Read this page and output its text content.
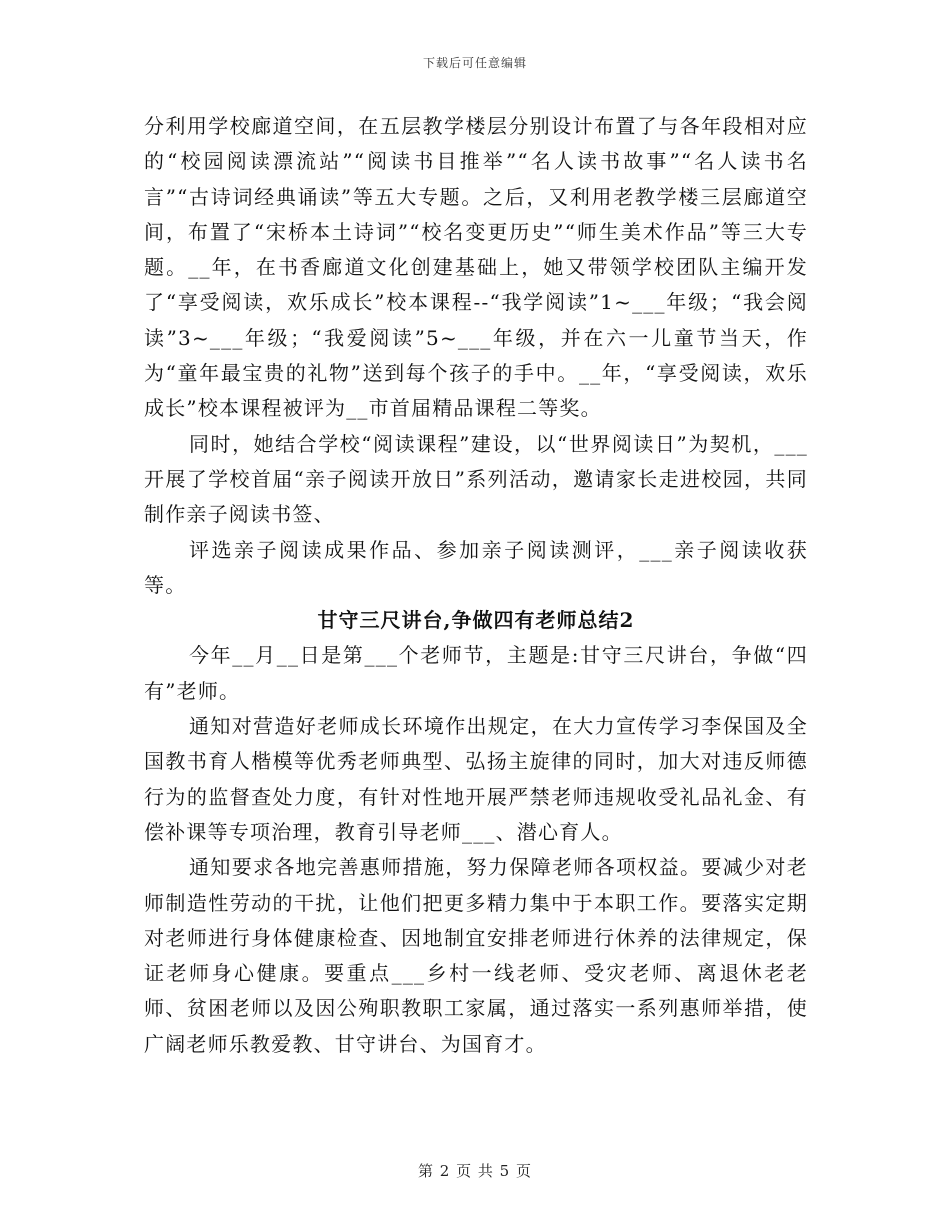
下载后可任意编辑

分利用学校廊道空间，在五层教学楼层分别设计布置了与各年段相对应的“校园阅读漂流站”“阅读书目推举”“名人读书故事”“名人读书名言”“古诗词经典诵读”等五大专题。之后，又利用老教学楼三层廊道空间，布置了“宋桥本土诗词”“校名变更历史”“师生美术作品”等三大专题。__年，在书香廊道文化创建基础上，她又带领学校团队主编开发了“享受阅读，欢乐成长”校本课程--“我学阅读”1~___年级；“我会阅读”3~___年级；“我爱阅读”5~___年级，并在六一儿童节当天，作为“童年最宝贵的礼物”送到每个孩子的手中。__年，“享受阅读，欢乐成长”校本课程被评为__市首届精品课程二等奖。

同时，她结合学校“阅读课程”建设，以“世界阅读日”为契机，___开展了学校首届“亲子阅读开放日”系列活动，邀请家长走进校园，共同制作亲子阅读书签、

评选亲子阅读成果作品、参加亲子阅读测评，___亲子阅读收获等。

甘守三尺讲台,争做四有老师总结2

今年__月__日是第___个老师节，主题是:甘守三尺讲台，争做“四有”老师。

通知对营造好老师成长环境作出规定，在大力宣传学习李保国及全国教书育人楷模等优秀老师典型、弘扬主旋律的同时，加大对违反师德行为的监督查处力度，有针对性地开展严禁老师违规收受礼品礼金、有偿补课等专项治理，教育引导老师___、潜心育人。

通知要求各地完善惠师措施，努力保障老师各项权益。要减少对老师制造性劳动的干扰，让他们把更多精力集中于本职工作。要落实定期对老师进行身体健康检查、因地制宜安排老师进行休养的法律规定，保证老师身心健康。要重点___乡村一线老师、受灾老师、离退休老老师、贫困老师以及因公殉职教职工家属，通过落实一系列惠师举措，使广阔老师乐教爱教、甘守讲台、为国育才。

第 2 页 共 5 页
